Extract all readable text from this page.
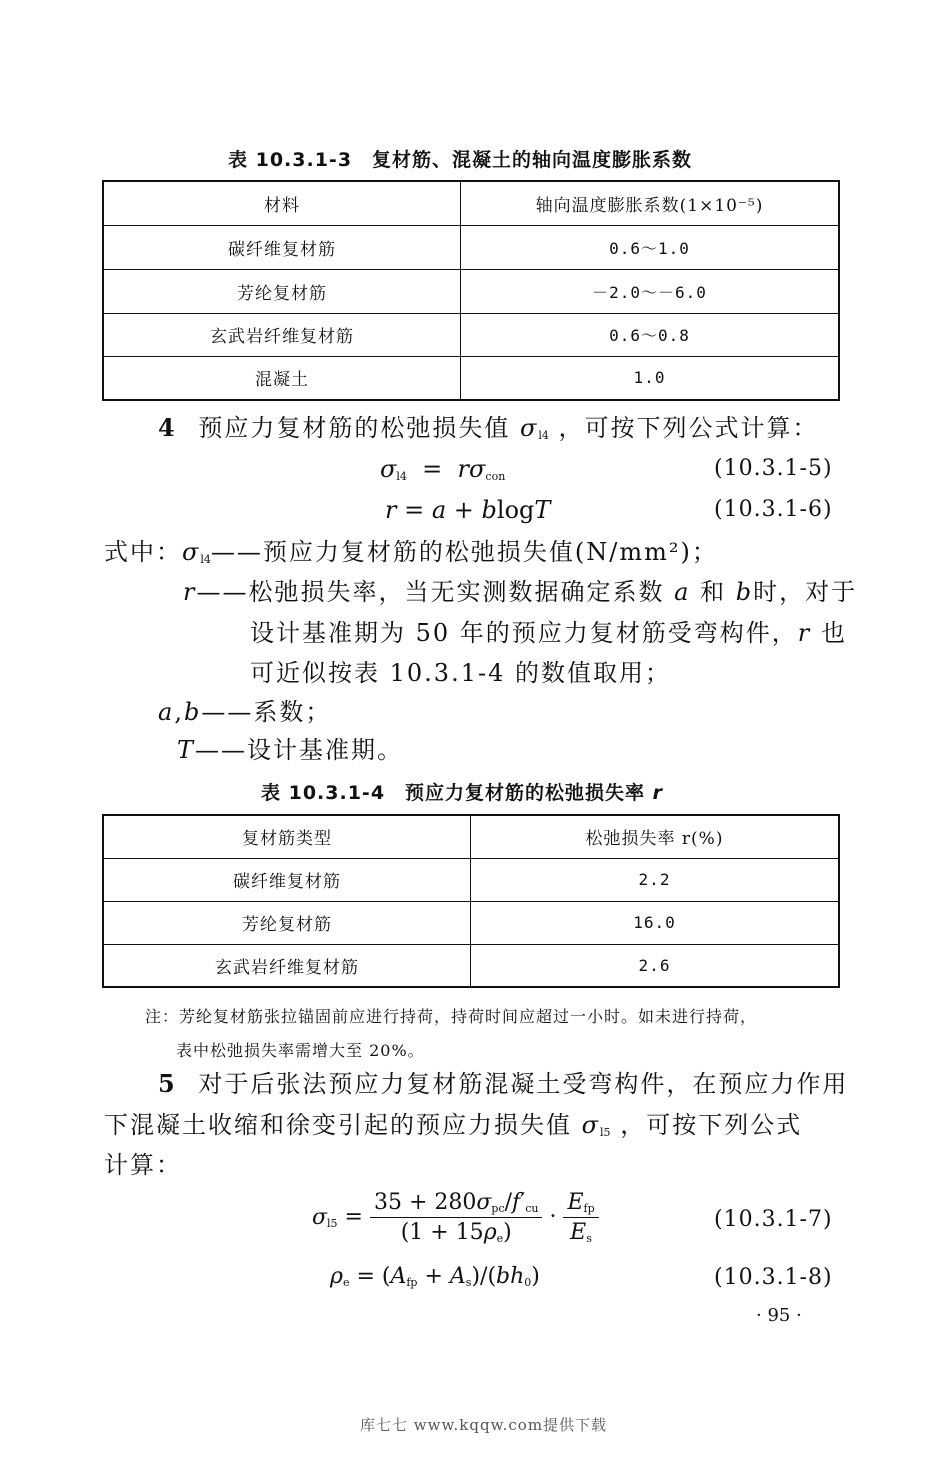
表 10.3.1-3　复材筋、混凝土的轴向温度膨胀系数
材料	轴向温度膨胀系数(1×10⁻⁵)
碳纤维复材筋	0.6～1.0
芳纶复材筋	－2.0～－6.0
玄武岩纤维复材筋	0.6～0.8
混凝土	1.0
4 预应力复材筋的松弛损失值 $\sigma_{l4}$ ，可按下列公式计算：
$\sigma_{l4} = r\sigma_{con}$	(10.3.1-5)
r = a + blogT	(10.3.1-6)
式中：$\sigma_{l4}——$预应力复材筋的松弛损失值(N/mm²)；
r——松弛损失率，当无实测数据确定系数 a 和 b时，对于
设计基准期为 50 年的预应力复材筋受弯构件，r 也
可近似按表 10.3.1-4 的数值取用；
a,b——系数；
T——设计基准期。
表 10.3.1-4　预应力复材筋的松弛损失率 r
复材筋类型	松弛损失率 r(%)
碳纤维复材筋	2.2
芳纶复材筋	16.0
玄武岩纤维复材筋	2.6
注：芳纶复材筋张拉锚固前应进行持荷，持荷时间应超过一小时。如未进行持荷，
表中松弛损失率需增大至 20%。
5 对于后张法预应力复材筋混凝土受弯构件，在预应力作用
下混凝土收缩和徐变引起的预应力损失值 $\sigma_{l5}$ ，可按下列公式
计算：
$\sigma_{l5} = \frac{35 + 280\sigma_{pc}/f'_{cu}}{(1 + 15\rho_e)} \cdot \frac{E_{fp}}{E_s}$	(10.3.1-7)
$\rho_e = (A_{fp} + A_s)/(bh_0)$	(10.3.1-8)
· 95 ·
库七七 www.kqqw.com提供下载
